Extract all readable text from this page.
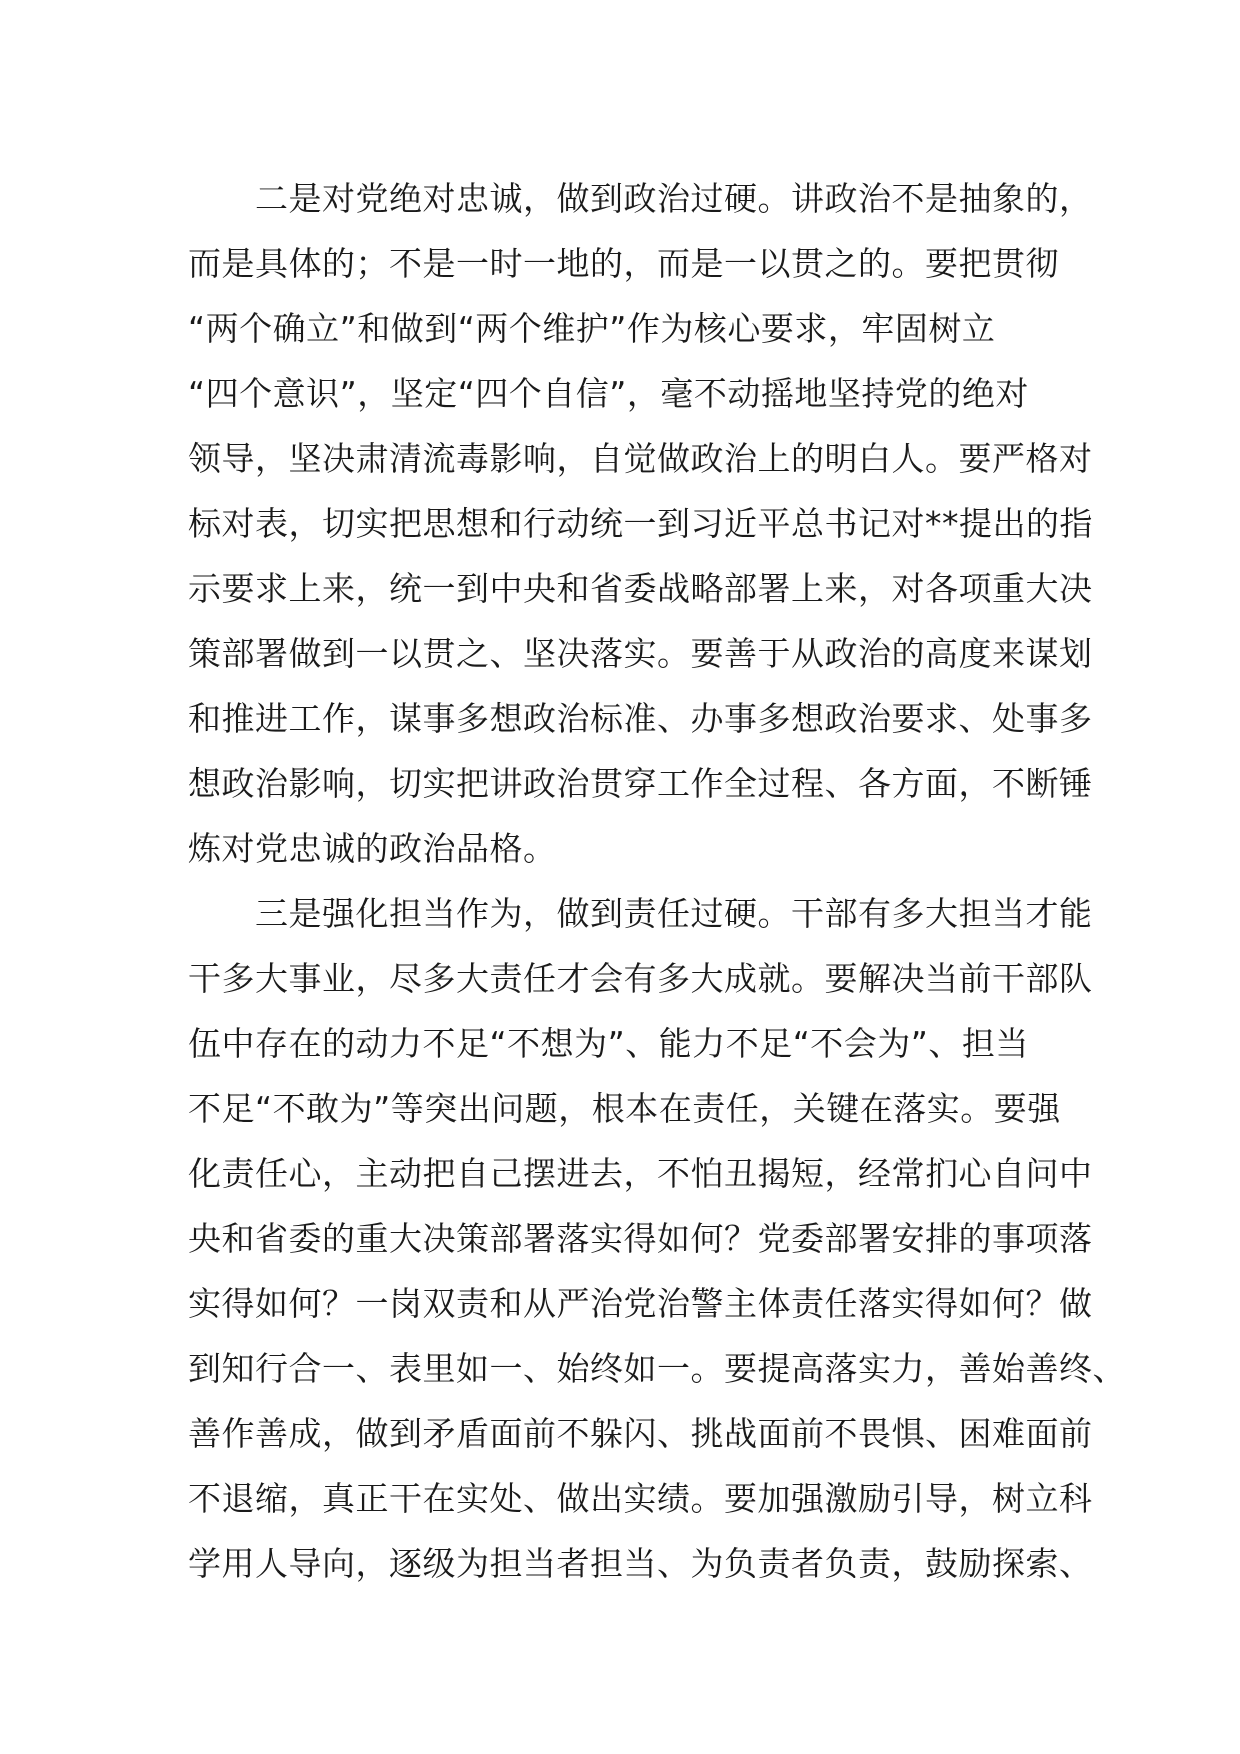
　　二是对党绝对忠诚，做到政治过硬。讲政治不是抽象的，
而是具体的；不是一时一地的，而是一以贯之的。要把贯彻
“两个确立”和做到“两个维护”作为核心要求，牢固树立
“四个意识”，坚定“四个自信”，毫不动摇地坚持党的绝对
领导，坚决肃清流毒影响，自觉做政治上的明白人。要严格对
标对表，切实把思想和行动统一到习近平总书记对**提出的指
示要求上来，统一到中央和省委战略部署上来，对各项重大决
策部署做到一以贯之、坚决落实。要善于从政治的高度来谋划
和推进工作，谋事多想政治标准、办事多想政治要求、处事多
想政治影响，切实把讲政治贯穿工作全过程、各方面，不断锤
炼对党忠诚的政治品格。
　　三是强化担当作为，做到责任过硬。干部有多大担当才能
干多大事业，尽多大责任才会有多大成就。要解决当前干部队
伍中存在的动力不足“不想为”、能力不足“不会为”、担当
不足“不敢为”等突出问题，根本在责任，关键在落实。要强
化责任心，主动把自己摆进去，不怕丑揭短，经常扪心自问中
央和省委的重大决策部署落实得如何？党委部署安排的事项落
实得如何？一岗双责和从严治党治警主体责任落实得如何？做
到知行合一、表里如一、始终如一。要提高落实力，善始善终、
善作善成，做到矛盾面前不躲闪、挑战面前不畏惧、困难面前
不退缩，真正干在实处、做出实绩。要加强激励引导，树立科
学用人导向，逐级为担当者担当、为负责者负责，鼓励探索、
